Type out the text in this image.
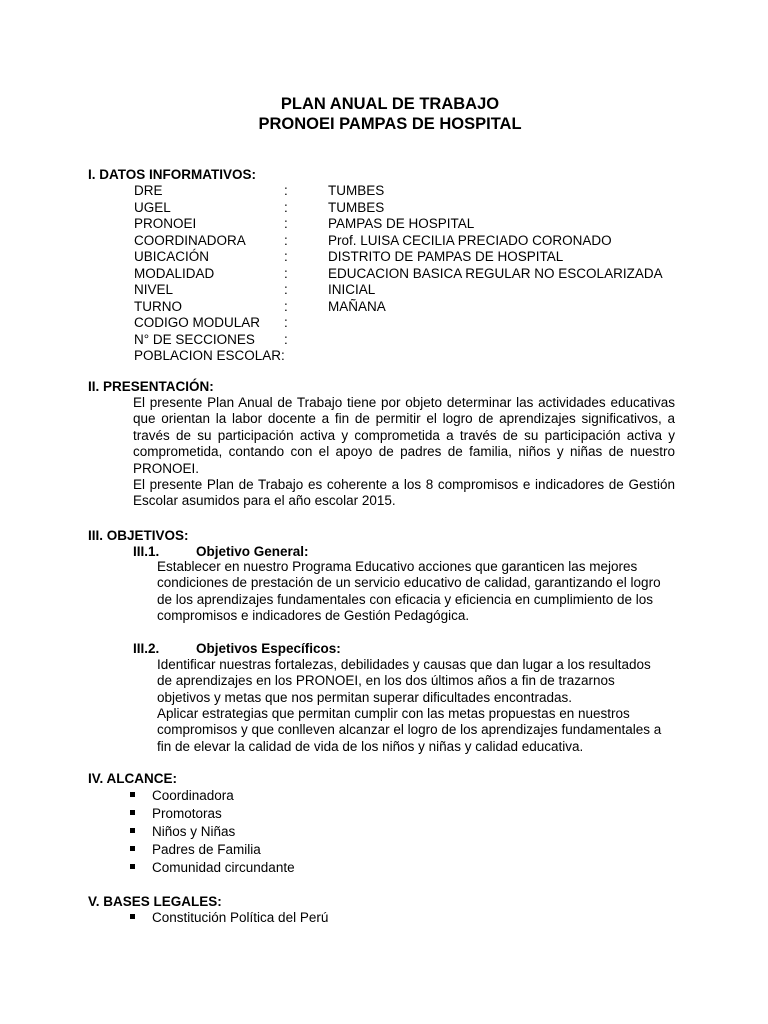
PLAN ANUAL DE TRABAJO
PRONOEI PAMPAS DE HOSPITAL
I. DATOS INFORMATIVOS:
DRE	:	TUMBES
UGEL	:	TUMBES
PRONOEI	:	PAMPAS DE HOSPITAL
COORDINADORA	:	Prof. LUISA CECILIA PRECIADO CORONADO
UBICACIÓN	:	DISTRITO DE PAMPAS DE HOSPITAL
MODALIDAD	:	EDUCACION BASICA REGULAR NO ESCOLARIZADA
NIVEL	:	INICIAL
TURNO	:	MAÑANA
CODIGO MODULAR :
N° DE SECCIONES :
POBLACION ESCOLAR:
II. PRESENTACIÓN:

El presente Plan Anual de Trabajo tiene por objeto determinar las actividades educativas que orientan la labor docente a fin de permitir el logro de aprendizajes significativos, a través de su participación activa y comprometida a través de su participación activa y comprometida, contando con el apoyo de padres de familia, niños y niñas de nuestro PRONOEI.

El presente Plan de Trabajo es coherente a los 8 compromisos e indicadores de Gestión Escolar asumidos para el año escolar 2015.

III. OBJETIVOS:
III.1.	Objetivo General:
Establecer en nuestro Programa Educativo acciones que garanticen las mejores
condiciones de prestación de un servicio educativo de calidad, garantizando el logro
de los aprendizajes fundamentales con eficacia y eficiencia en cumplimiento de los
compromisos e indicadores de Gestión Pedagógica.
III.2.	Objetivos Específicos:
Identificar nuestras fortalezas, debilidades y causas que dan lugar a los resultados
de aprendizajes en los PRONOEI, en los dos últimos años a fin de trazarnos
objetivos y metas que nos permitan superar dificultades encontradas.
Aplicar estrategias que permitan cumplir con las metas propuestas en nuestros
compromisos y que conlleven alcanzar el logro de los aprendizajes fundamentales a
fin de elevar la calidad de vida de los niños y niñas y calidad educativa.
IV. ALCANCE:
Coordinadora
Promotoras
Niños y Niñas
Padres de Familia
Comunidad circundante
V. BASES LEGALES:
Constitución Política del Perú
